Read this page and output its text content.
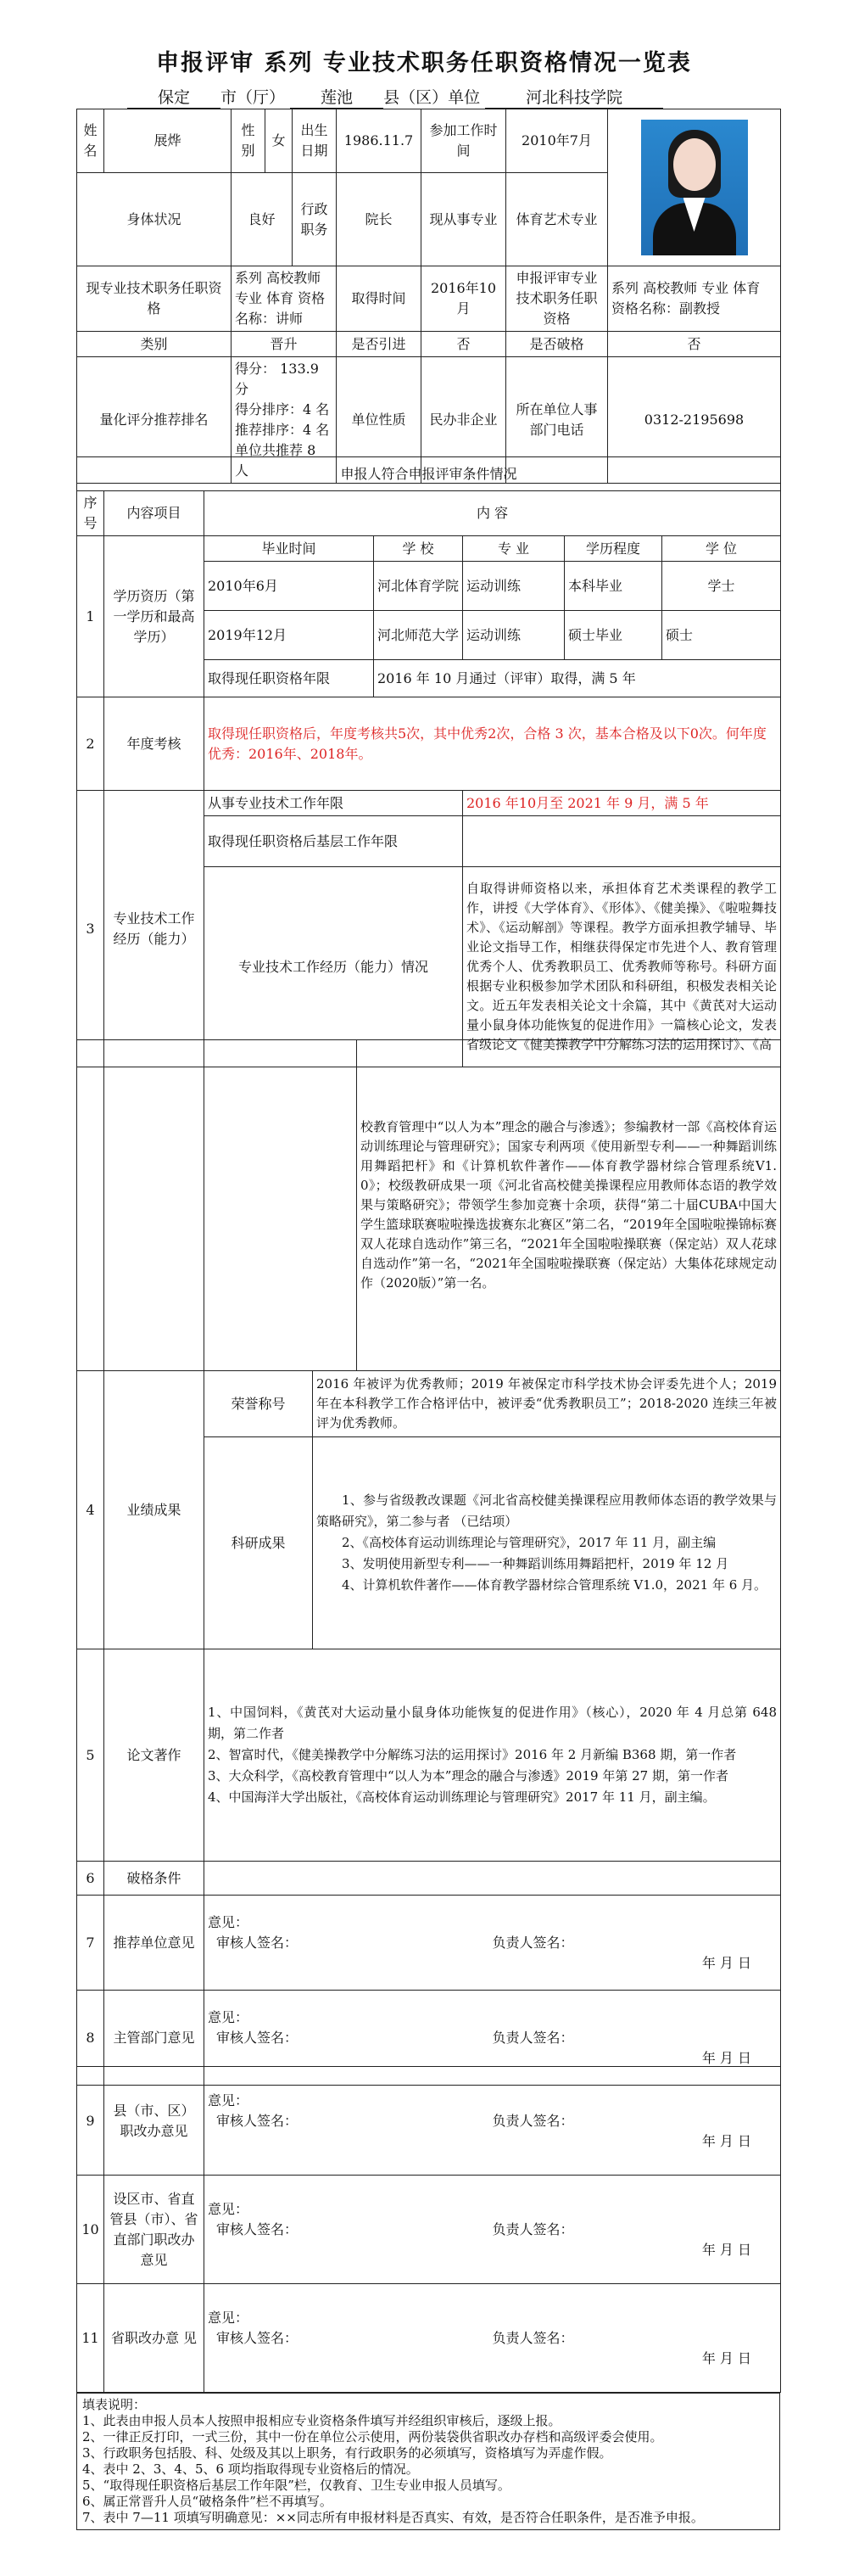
申报评审 系列 专业技术职务任职资格情况一览表
保定 市（厅） 莲池 县（区）单位	河北科技学院
姓名	展烨	性别	女	出生日期	1986.11.7	参加工作时间	2010年7月	

身体状况		良好		行政职务	院长	现从事专业	体育艺术专业	
现专业技术职务任职资格		系列 高校教师 专业 体育 资格名称：讲师			取得时间	2016年10月	申报评审专业技术职务任职资格	系列 高校教师 专业 体育 资格名称：副教授
类别		晋升			是否引进	否	是否破格	否
量化评分推荐排名		得分： 133.9 分
得分排序：4 名
推荐排序：4 名
单位共推荐 8 人			单位性质	民办非企业	所在单位人事部门电话	0312-2195698
申报人符合申报评审条件情况						
序号	内容项目	内 容				
1	学历资历（第一学历和最高学历）	毕业时间	学 校	专 业	学历程度	学 位
		2010年6月	河北体育学院	运动训练	本科毕业	学士
		2019年12月	河北师范大学	运动训练	硕士毕业	硕士
		取得现任职资格年限	2016 年 10 月通过（评审）取得，满 5 年			
2	年度考核	取得现任职资格后，年度考核共5次，其中优秀2次，合格 3 次，基本合格及以下0次。何年度优秀：2016年、2018年。				
3	专业技术工作经历（能力）	从事专业技术工作年限		2016 年10月至 2021 年 9 月，满 5 年		
		取得现任职资格后基层工作年限				
		专业技术工作经历（能力）情况		自取得讲师资格以来，承担体育艺术类课程的教学工作，讲授《大学体育》、《形体》、《健美操》、《啦啦舞技术》、《运动解剖》等课程。教学方面承担教学辅导、毕业论文指导工作，相继获得保定市先进个人、教育管理优秀个人、优秀教职员工、优秀教师等称号。科研方面根据专业积极参加学术团队和科研组，积极发表相关论文。近五年发表相关论文十余篇，其中《黄芪对大运动量小鼠身体功能恢复的促进作用》一篇核心论文，发表省级论文《健美操教学中分解练习法的运用探讨》、《高		
				校教育管理中“以人为本”理念的融合与渗透》；参编教材一部《高校体育运动训练理论与管理研究》；国家专利两项《使用新型专利——一种舞蹈训练用舞蹈把杆》和《计算机软件著作——体育教学器材综合管理系统V1.0》；校级教研成果一项《河北省高校健美操课程应用教师体态语的教学效果与策略研究》；带领学生参加竞赛十余项，获得“第二十届CUBA中国大学生篮球联赛啦啦操选拔赛东北赛区”第二名，“2019年全国啦啦操锦标赛双人花球自选动作”第三名，“2021年全国啦啦操联赛（保定站）双人花球自选动作”第一名，“2021年全国啦啦操联赛（保定站）大集体花球规定动作（2020版）”第一名。
4	业绩成果	荣誉称号	2016 年被评为优秀教师；2019 年被保定市科学技术协会评委先进个人；2019 年在本科教学工作合格评估中，被评委“优秀教职员工”；2018-2020 连续三年被评为优秀教师。	
		科研成果	1、参与省级教改课题《河北省高校健美操课程应用教师体态语的教学效果与策略研究》，第二参与者 （已结项）
2、《高校体育运动训练理论与管理研究》，2017 年 11 月，副主编
3、发明使用新型专利——一种舞蹈训练用舞蹈把杆，2019 年 12 月
4、计算机软件著作——体育教学器材综合管理系统 V1.0，2021 年 6 月。	

5	论文著作	1、中国饲料，《黄芪对大运动量小鼠身体功能恢复的促进作用》（核心），2020 年 4 月总第 648 期，第二作者
2、智富时代，《健美操教学中分解练习法的运用探讨》2016 年 2 月新编 B368 期，第一作者
3、大众科学，《高校教育管理中“以人为本”理念的融合与渗透》2019 年第 27 期，第一作者
4、中国海洋大学出版社，《高校体育运动训练理论与管理研究》2017 年 11 月，副主编。		

6	破格条件			
7	推荐单位意见	意见：
审核人签名： 负责人签名：
年 月 日		

8	主管部门意见	意见：
审核人签名： 负责人签名：
年 月 日		
9	县（市、区）职改办意见	意见：
审核人签名： 负责人签名：
年 月 日

10	设区市、省直管县（市）、省直部门职改办意见	意见：
审核人签名： 负责人签名：
年 月 日

11	省职改办意 见	意见：
审核人签名： 负责人签名：
年 月 日
填表说明：
1、此表由申报人员本人按照申报相应专业资格条件填写并经组织审核后，逐级上报。
2、一律正反打印，一式三份，其中一份在单位公示使用，两份装袋供省职改办存档和高级评委会使用。
3、行政职务包括股、科、处级及其以上职务，有行政职务的必须填写，资格填写为弄虚作假。
4、表中 2、3、4、5、6 项均指取得现专业资格后的情况。
5、“取得现任职资格后基层工作年限”栏，仅教育、卫生专业申报人员填写。
6、属正常晋升人员“破格条件”栏不再填写。
7、表中 7—11 项填写明确意见：××同志所有申报材料是否真实、有效，是否符合任职条件，是否准予申报。
